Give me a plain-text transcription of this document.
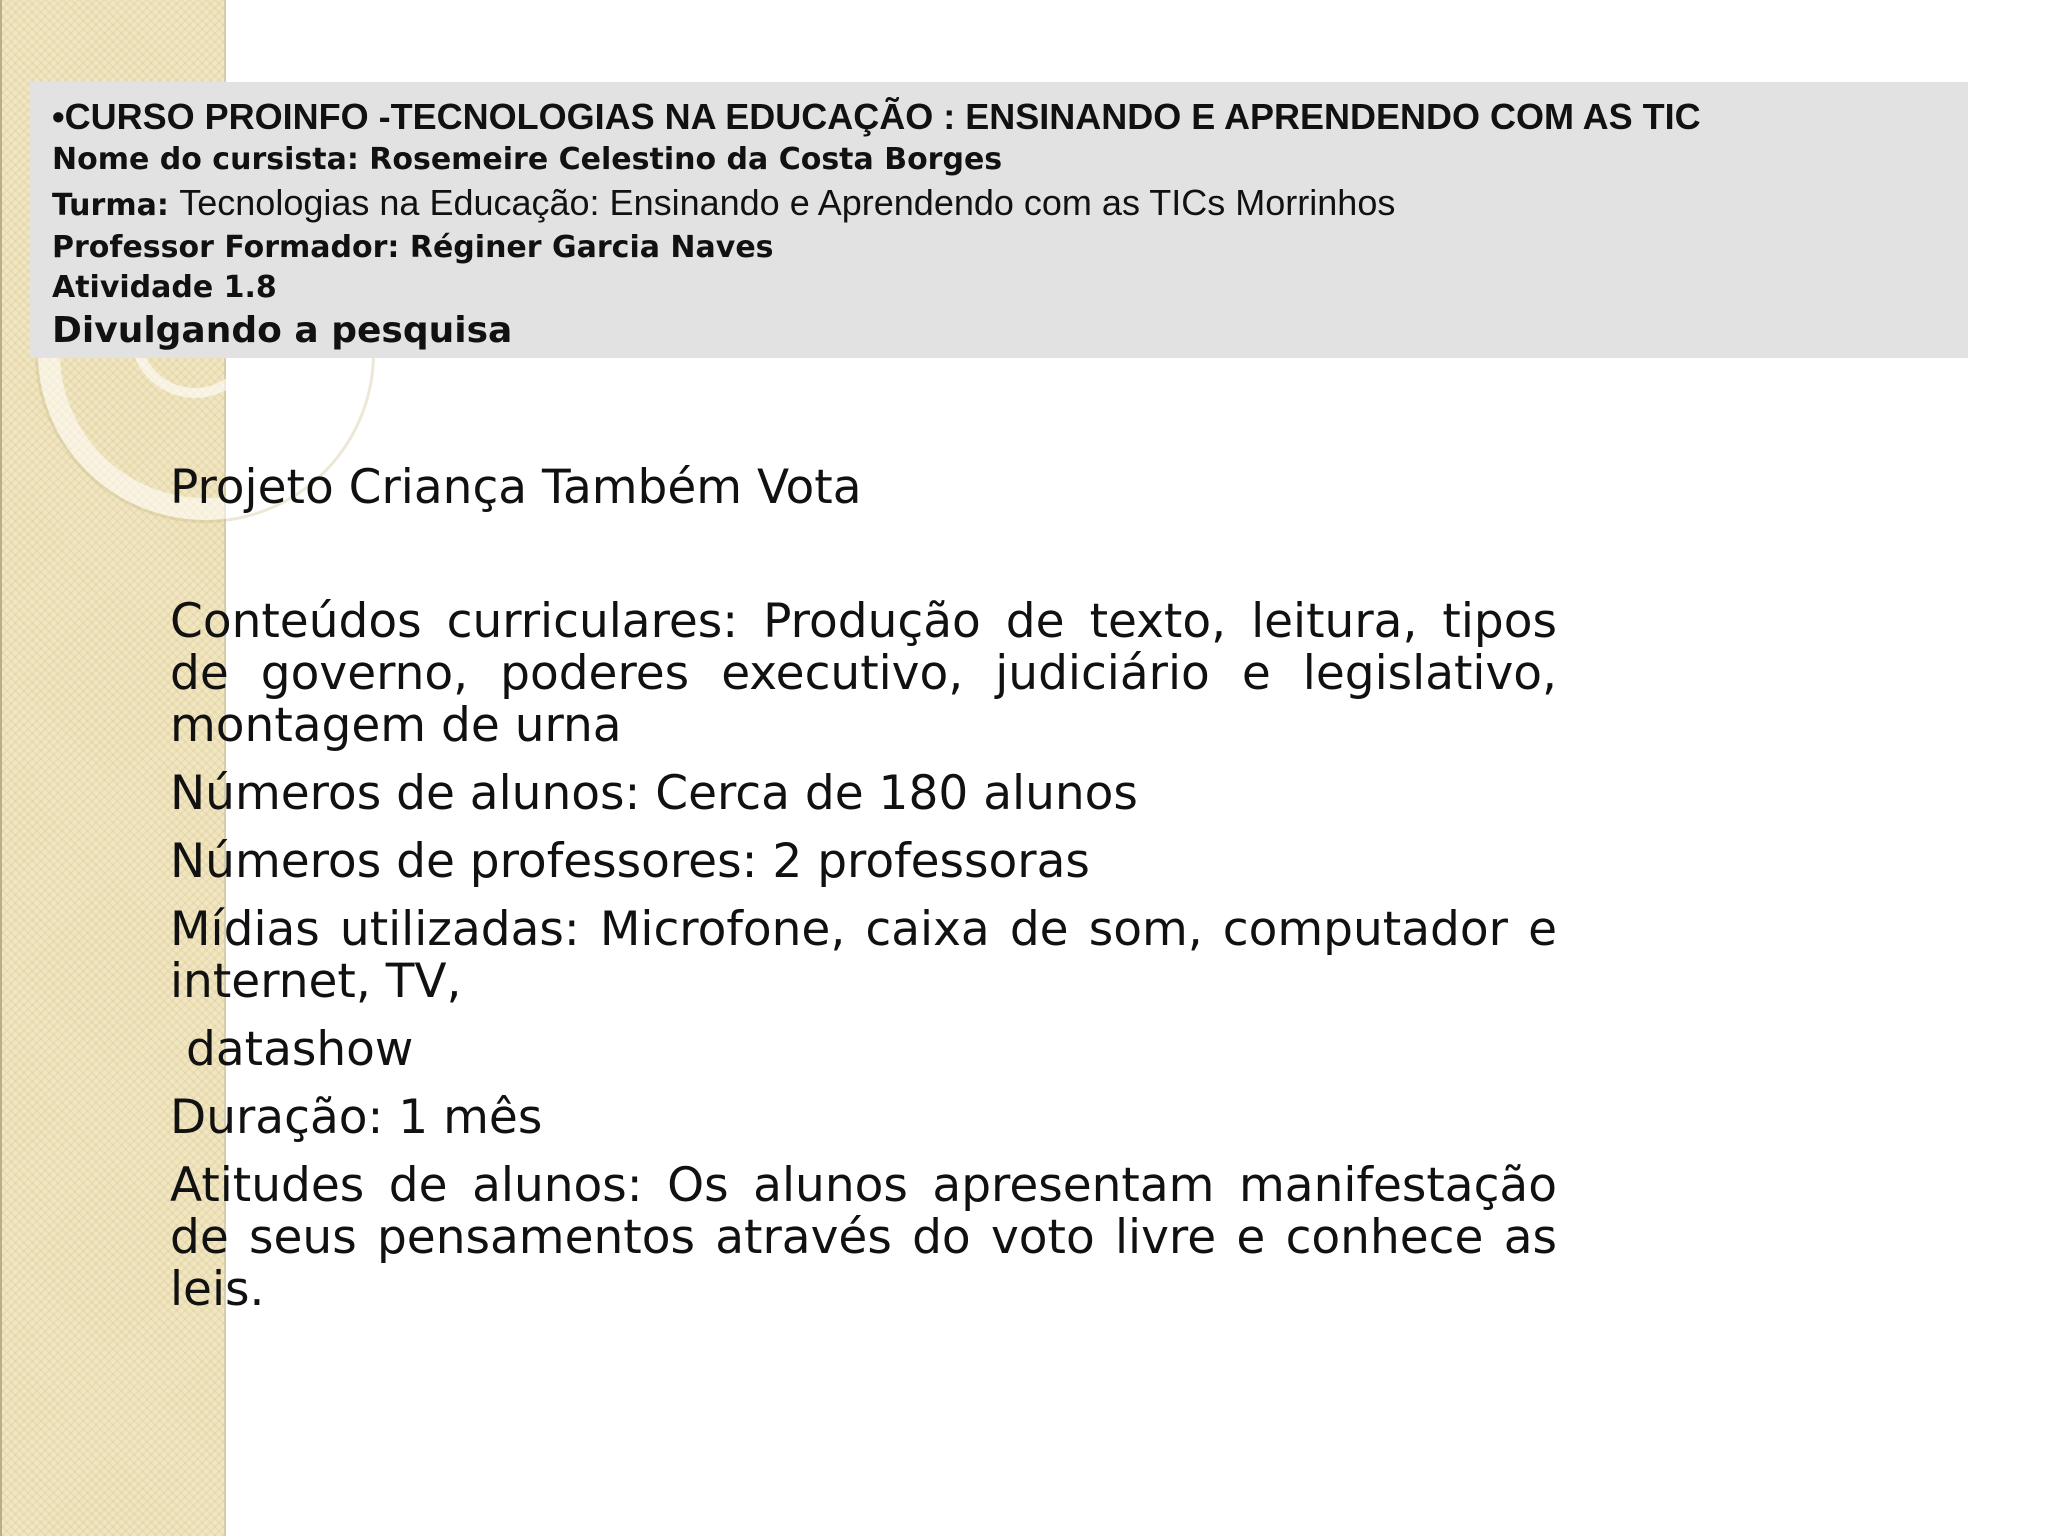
•CURSO PROINFO -TECNOLOGIAS NA EDUCAÇÃO : ENSINANDO E APRENDENDO COM AS TIC
Nome do cursista: Rosemeire Celestino da Costa Borges
Turma: Tecnologias na Educação: Ensinando e Aprendendo com as TICs Morrinhos
Professor Formador: Réginer Garcia Naves
Atividade 1.8
Divulgando a pesquisa

Projeto Criança Também Vota

Conteúdos curriculares: Produção de texto, leitura, tipos de governo, poderes executivo, judiciário e legislativo, montagem de urna

Números de alunos: Cerca de 180 alunos

Números de professores: 2 professoras

Mídias utilizadas: Microfone, caixa de som, computador e internet, TV,

datashow

Duração: 1 mês

Atitudes de alunos: Os alunos apresentam manifestação de seus pensamentos através do voto livre e conhece as leis.
